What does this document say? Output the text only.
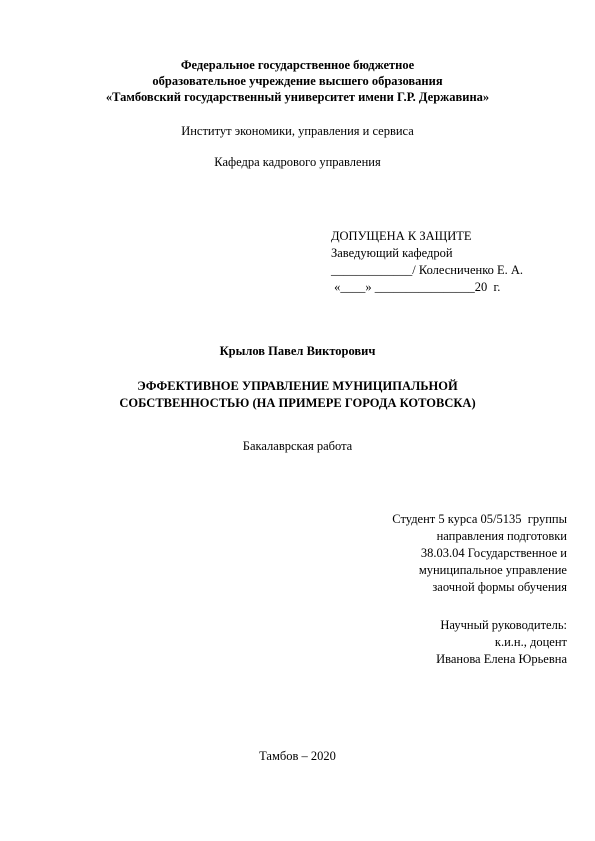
Федеральное государственное бюджетное
образовательное учреждение высшего образования
«Тамбовский государственный университет имени Г.Р. Державина»
Институт экономики, управления и сервиса
Кафедра кадрового управления
ДОПУЩЕНА К ЗАЩИТЕ
Заведующий кафедрой
_____________/ Колесниченко Е. А.
«____» ________________20  г.
Крылов Павел Викторович
ЭФФЕКТИВНОЕ УПРАВЛЕНИЕ МУНИЦИПАЛЬНОЙ
СОБСТВЕННОСТЬЮ (НА ПРИМЕРЕ ГОРОДА КОТОВСКА)
Бакалаврская работа
Студент 5 курса 05/5135  группы
направления подготовки
38.03.04 Государственное и
муниципальное управление
заочной формы обучения
Научный руководитель:
к.и.н., доцент
Иванова Елена Юрьевна
Тамбов – 2020
